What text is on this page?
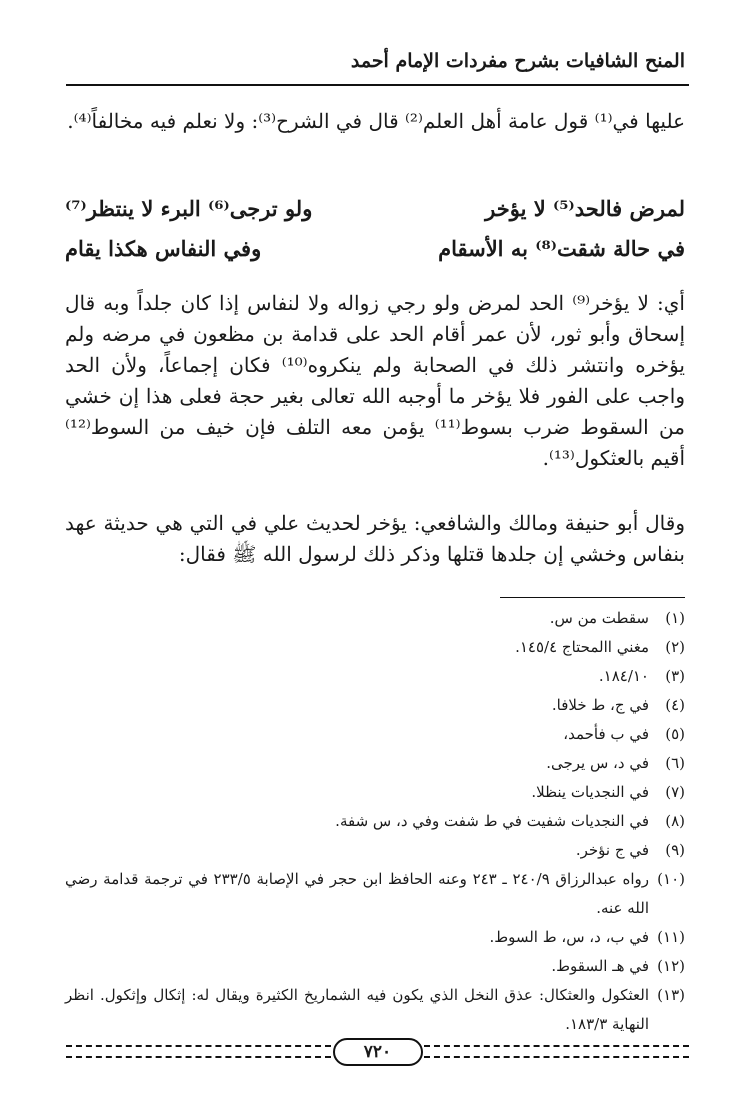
المنح الشافيات بشرح مفردات الإمام أحمد
عليها في⁽¹⁾ قول عامة أهل العلم⁽²⁾ قال في الشرح⁽³⁾: ولا نعلم فيه مخالفاً⁽⁴⁾.
لمرض فالحد⁽⁵⁾ لا يؤخر
ولو ترجى⁽⁶⁾ البرء لا ينتظر⁽⁷⁾
في حالة شقت⁽⁸⁾ به الأسقام
وفي النفاس هكذا يقام
أي: لا يؤخر⁽⁹⁾ الحد لمرض ولو رجي زواله ولا لنفاس إذا كان جلداً وبه قال إسحاق وأبو ثور، لأن عمر أقام الحد على قدامة بن مظعون في مرضه ولم يؤخره وانتشر ذلك في الصحابة ولم ينكروه⁽¹⁰⁾ فكان إجماعاً، ولأن الحد واجب على الفور فلا يؤخر ما أوجبه الله تعالى بغير حجة فعلى هذا إن خشي من السقوط ضرب بسوط⁽¹¹⁾ يؤمن معه التلف فإن خيف من السوط⁽¹²⁾ أقيم بالعثكول⁽¹³⁾.
وقال أبو حنيفة ومالك والشافعي: يؤخر لحديث علي في التي هي حديثة عهد بنفاس وخشي إن جلدها قتلها وذكر ذلك لرسول الله ﷺ فقال:
(١)
سقطت من س.
(٢)
مغني االمحتاج ١٤٥/٤.
(٣)
١٨٤/١٠.
(٤)
في ج، ط خلافا.
(٥)
في ب فأحمد،
(٦)
في د، س يرجى.
(٧)
في النجديات ينظلا.
(٨)
في النجديات شفيت في ط شفت وفي د، س شفة.
(٩)
في ج نؤخر.
(١٠)
رواه عبدالرزاق ٢٤٠/٩ ـ ٢٤٣ وعنه الحافظ ابن حجر في الإصابة ٢٣٣/٥ في ترجمة قدامة رضي الله عنه.
(١١)
في ب، د، س، ط السوط.
(١٢)
في هـ السقوط.
(١٣)
العثكول والعثكال: عذق النخل الذي يكون فيه الشماريخ الكثيرة ويقال له: إثكال وإثكول. انظر النهاية ١٨٣/٣.
٧٢٠
